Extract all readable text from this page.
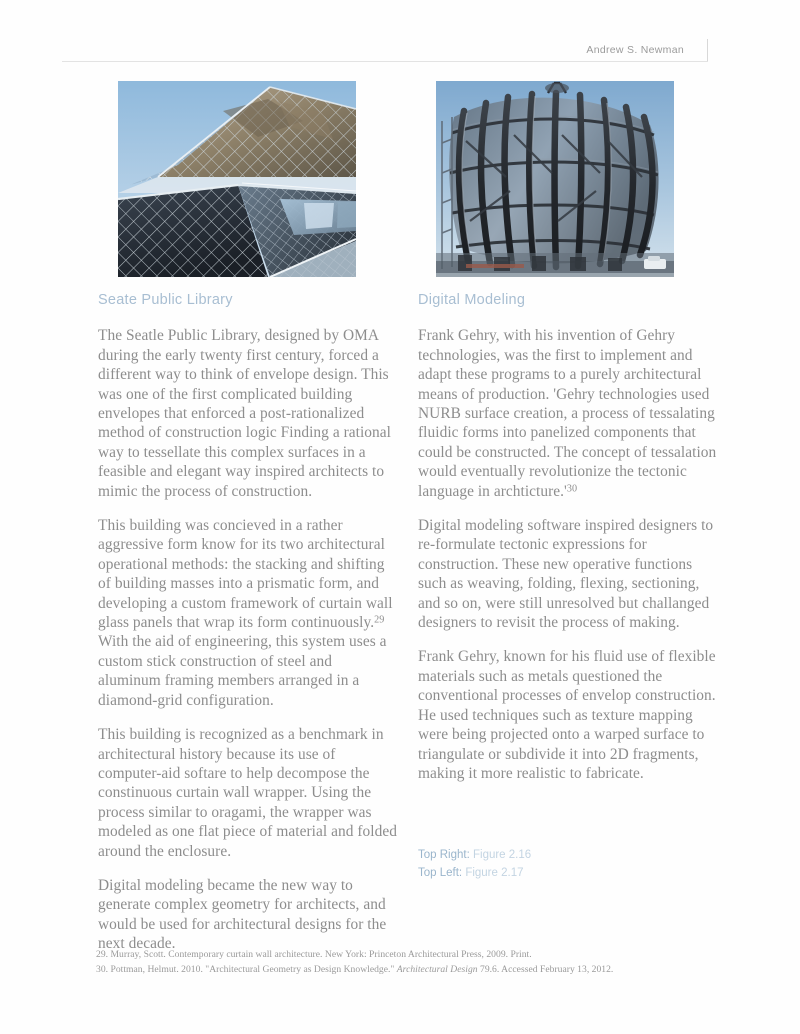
Andrew S. Newman
Seate Public Library

The Seatle Public Library, designed by OMA during the early twenty first century, forced a different way to think of envelope design. This was one of the first complicated building envelopes that enforced a post-rationalized method of construction logic Finding a rational way to tessellate this complex surfaces in a feasible and elegant way inspired architects to mimic the process of construction.

This building was concieved in a rather aggressive form know for its two architectural operational methods: the stacking and shifting of building masses into a prismatic form, and developing a custom framework of curtain wall glass panels that wrap its form continuously.$^{29}$ With the aid of engineering, this system uses a custom stick construction of steel and aluminum framing members arranged in a diamond-grid configuration.

This building is recognized as a benchmark in architectural history because its use of computer-aid softare to help decompose the constinuous curtain wall wrapper. Using the process similar to oragami, the wrapper was modeled as one flat piece of material and folded around the enclosure.

Digital modeling became the new way to generate complex geometry for architects, and would be used for architectural designs for the next decade.

Digital Modeling

Frank Gehry, with his invention of Gehry technologies, was the first to implement and adapt these programs to a purely architectural means of production. 'Gehry technologies used NURB surface creation, a process of tessalating fluidic forms into panelized components that could be constructed. The concept of tessalation would eventually revolutionize the tectonic language in archticture.'$^{30}$

Digital modeling software inspired designers to re-formulate tectonic expressions for construction. These new operative functions such as weaving, folding, flexing, sectioning, and so on, were still unresolved but challanged designers to revisit the process of making.

Frank Gehry, known for his fluid use of flexible materials such as metals questioned the conventional processes of envelop construction. He used techniques such as texture mapping were being projected onto a warped surface to triangulate or subdivide it into 2D fragments, making it more realistic to fabricate.

Top Right: Figure 2.16
Top Left: Figure 2.17
29. Murray, Scott. Contemporary curtain wall architecture. New York: Princeton Architectural Press, 2009. Print.
30. Pottman, Helmut. 2010. "Architectural Geometry as Design Knowledge." Architectural Design 79.6. Accessed February 13, 2012.
